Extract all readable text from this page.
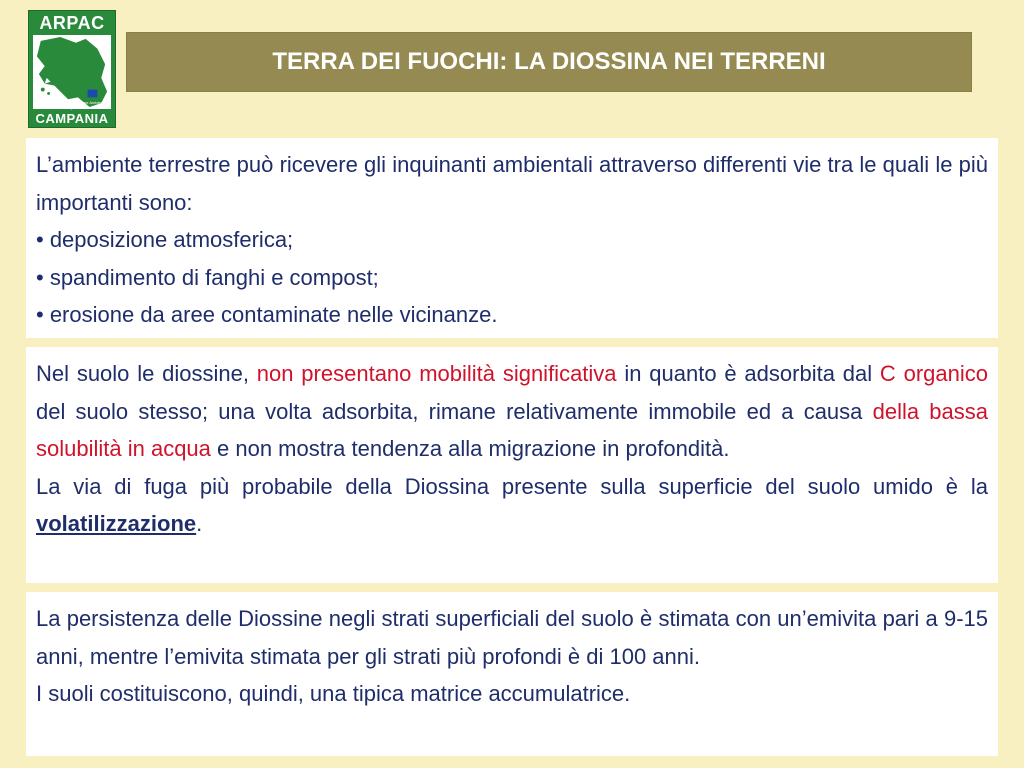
ARPAC
Agenzia Regionale Protezione Ambientale Campania
CAMPANIA
TERRA DEI FUOCHI: LA DIOSSINA NEI TERRENI

L’ambiente terrestre può ricevere gli inquinanti ambientali attraverso differenti vie tra le quali le più importanti sono:

• deposizione atmosferica;

• spandimento di fanghi e compost;

• erosione da aree contaminate nelle vicinanze.

Nel suolo le diossine, non presentano mobilità significativa in quanto è adsorbita dal C organico del suolo stesso; una volta adsorbita, rimane relativamente immobile ed a causa della bassa solubilità in acqua e non mostra tendenza alla migrazione in profondità.

La via di fuga più probabile della Diossina presente sulla superficie del suolo umido è la volatilizzazione.

La persistenza delle Diossine negli strati superficiali del suolo è stimata con un’emivita pari a 9-15 anni, mentre l’emivita stimata per gli strati più profondi è di 100 anni.

I suoli costituiscono, quindi, una tipica matrice accumulatrice.
